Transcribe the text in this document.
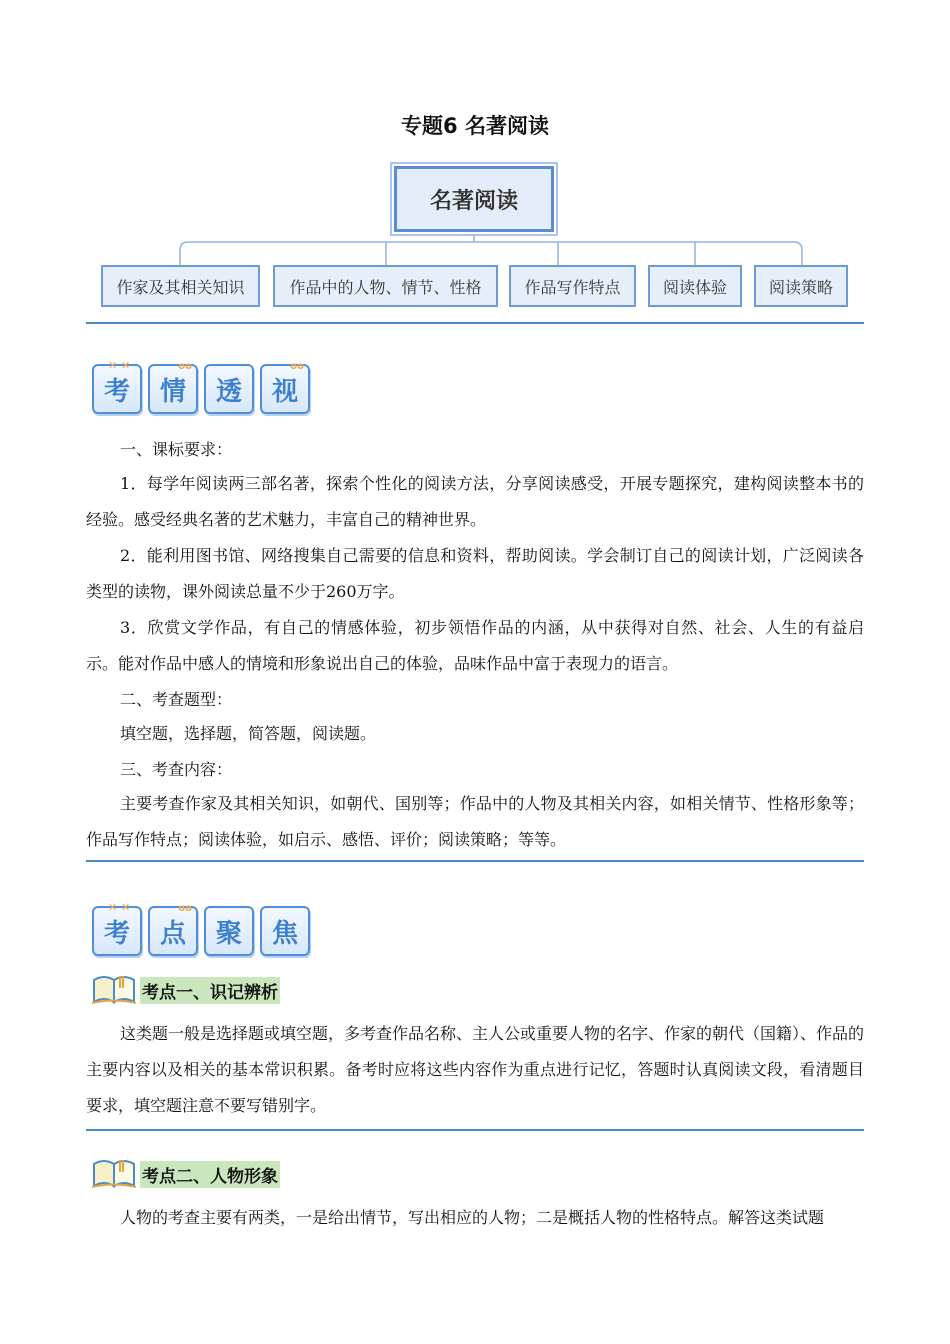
专题6 名著阅读
名著阅读
作家及其相关知识	作品中的人物、情节、性格	作品写作特点	阅读体验	阅读策略
✕ ✕
考
oo
情 透
oo
视
一、课标要求：
1．每学年阅读两三部名著，探索个性化的阅读方法，分享阅读感受，开展专题探究，建构阅读整本书的经验。感受经典名著的艺术魅力，丰富自己的精神世界。
2．能利用图书馆、网络搜集自己需要的信息和资料，帮助阅读。学会制订自己的阅读计划，广泛阅读各类型的读物，课外阅读总量不少于260万字。
3．欣赏文学作品，有自己的情感体验，初步领悟作品的内涵，从中获得对自然、社会、人生的有益启示。能对作品中感人的情境和形象说出自己的体验，品味作品中富于表现力的语言。
二、考查题型：
填空题，选择题，简答题，阅读题。
三、考查内容：
主要考查作家及其相关知识，如朝代、国别等；作品中的人物及其相关内容，如相关情节、性格形象等；作品写作特点；阅读体验，如启示、感悟、评价；阅读策略；等等。
✕ ✕
考
oo
点 聚 焦
考点一、识记辨析
这类题一般是选择题或填空题，多考查作品名称、主人公或重要人物的名字、作家的朝代（国籍）、作品的主要内容以及相关的基本常识积累。备考时应将这些内容作为重点进行记忆，答题时认真阅读文段，看清题目要求，填空题注意不要写错别字。
考点二、人物形象
人物的考查主要有两类，一是给出情节，写出相应的人物；二是概括人物的性格特点。解答这类试题
